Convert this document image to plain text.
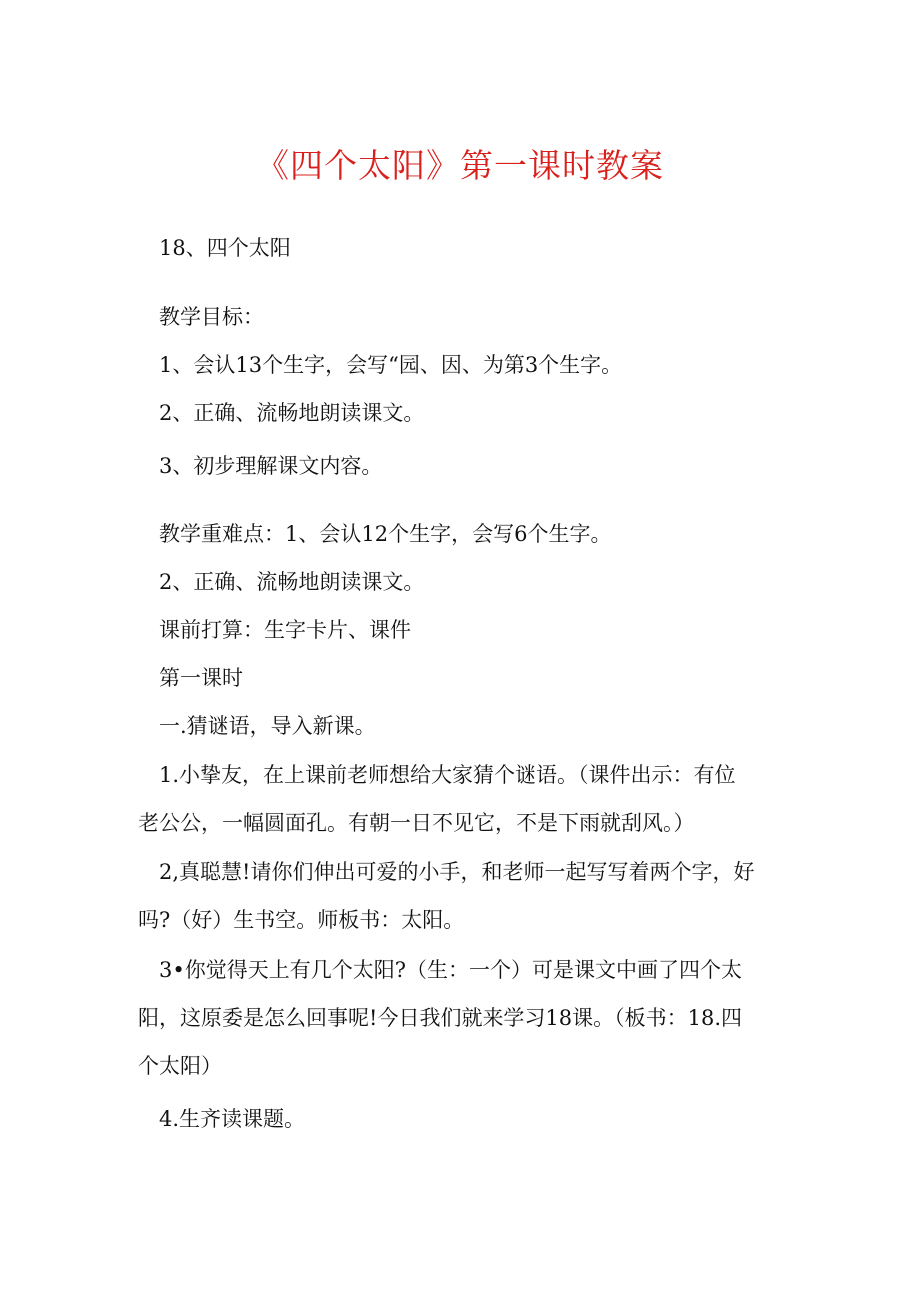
《四个太阳》第一课时教案
18、四个太阳
教学目标：
1、会认13个生字，会写“园、因、为第3个生字。
2、正确、流畅地朗读课文。
3、初步理解课文内容。
教学重难点：1、会认12个生字，会写6个生字。
2、正确、流畅地朗读课文。
课前打算：生字卡片、课件
第一课时
一.猜谜语，导入新课。
1.小挚友，在上课前老师想给大家猜个谜语。（课件出示：有位
老公公，一幅圆面孔。有朝一日不见它，不是下雨就刮风。）
2,真聪慧!请你们伸出可爱的小手，和老师一起写写着两个字，好
吗?（好）生书空。师板书：太阳。
3•你觉得天上有几个太阳?（生：一个）可是课文中画了四个太
阳，这原委是怎么回事呢!今日我们就来学习18课。（板书：18.四
个太阳）
4.生齐读课题。
